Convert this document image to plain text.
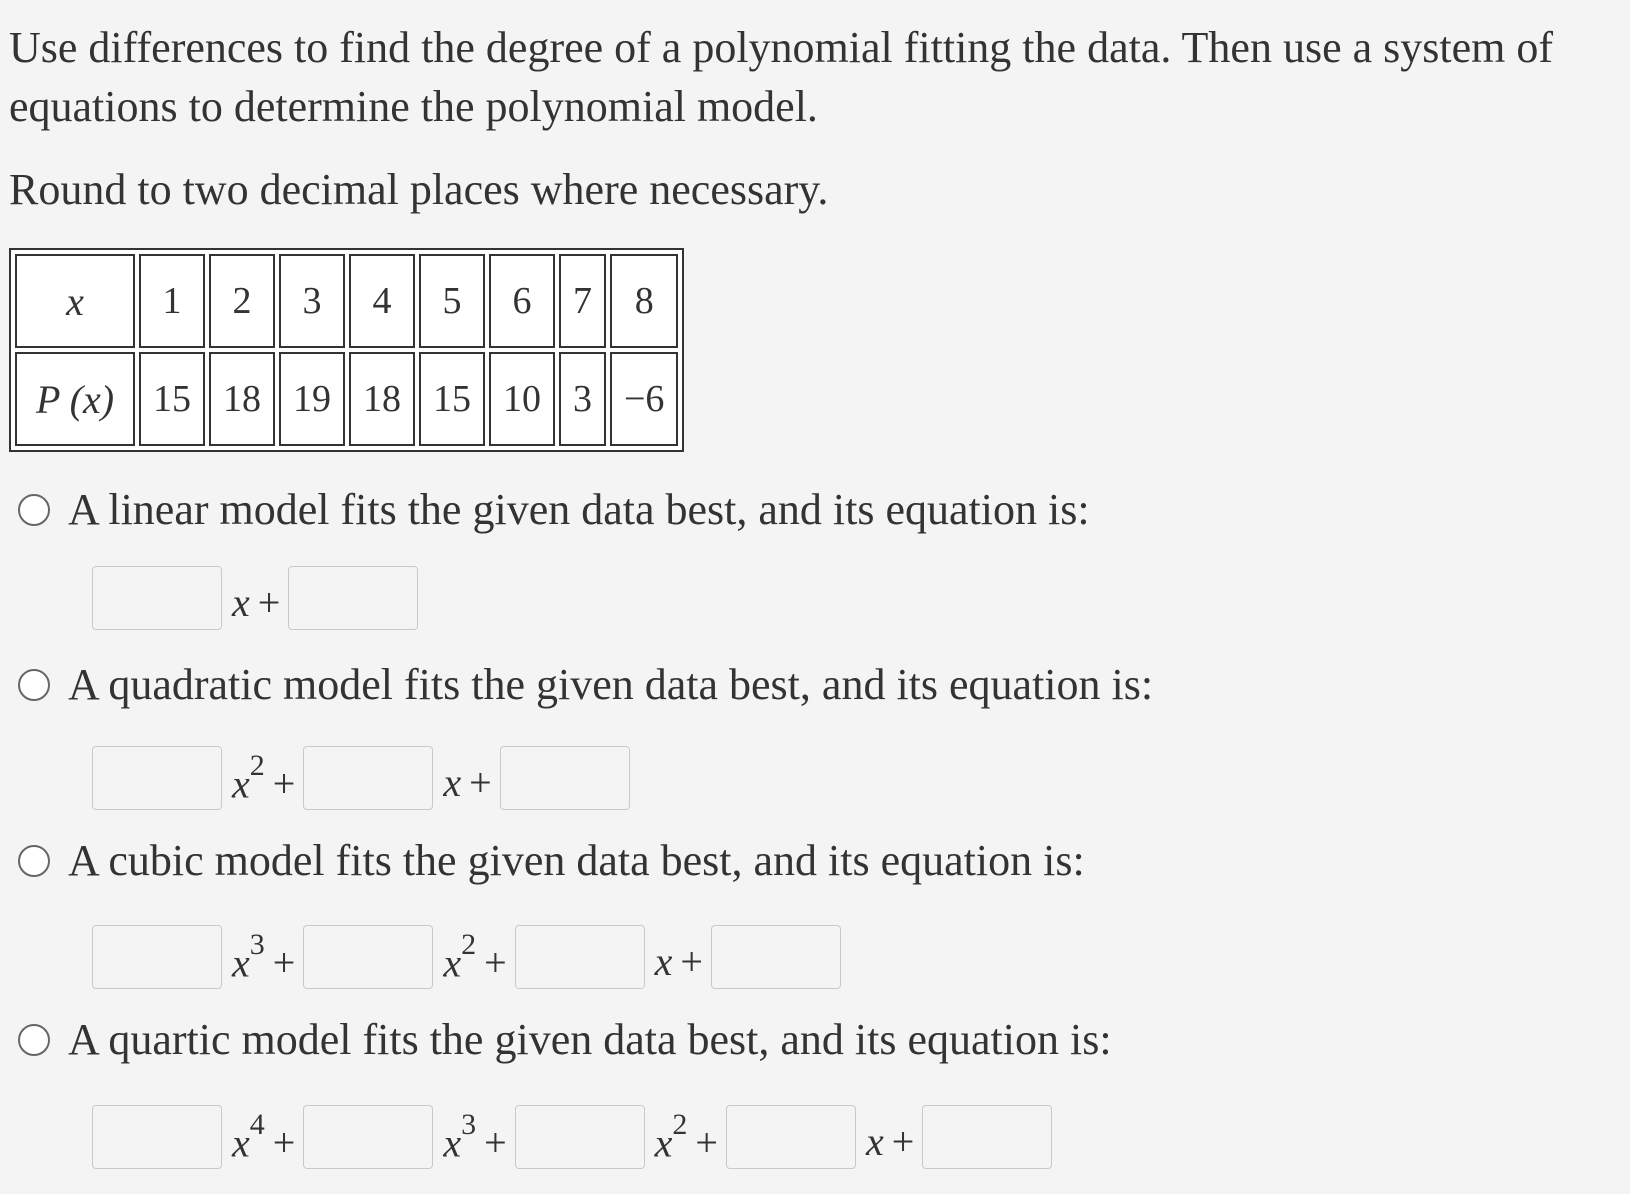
Use differences to find the degree of a polynomial fitting the data. Then use a system of equations to determine the polynomial model.

Round to two decimal places where necessary.

x	1	2	3	4	5	6	7	8
P (x)	15	18	19	18	15	10	3	−6
A linear model fits the given data best, and its equation is:
x +
A quadratic model fits the given data best, and its equation is:
$x^2$ +	x +
A cubic model fits the given data best, and its equation is:
$x^3$ +	$x^2$ +	x +
A quartic model fits the given data best, and its equation is:
$x^4$ +	$x^3$ +	$x^2$ +	x +
